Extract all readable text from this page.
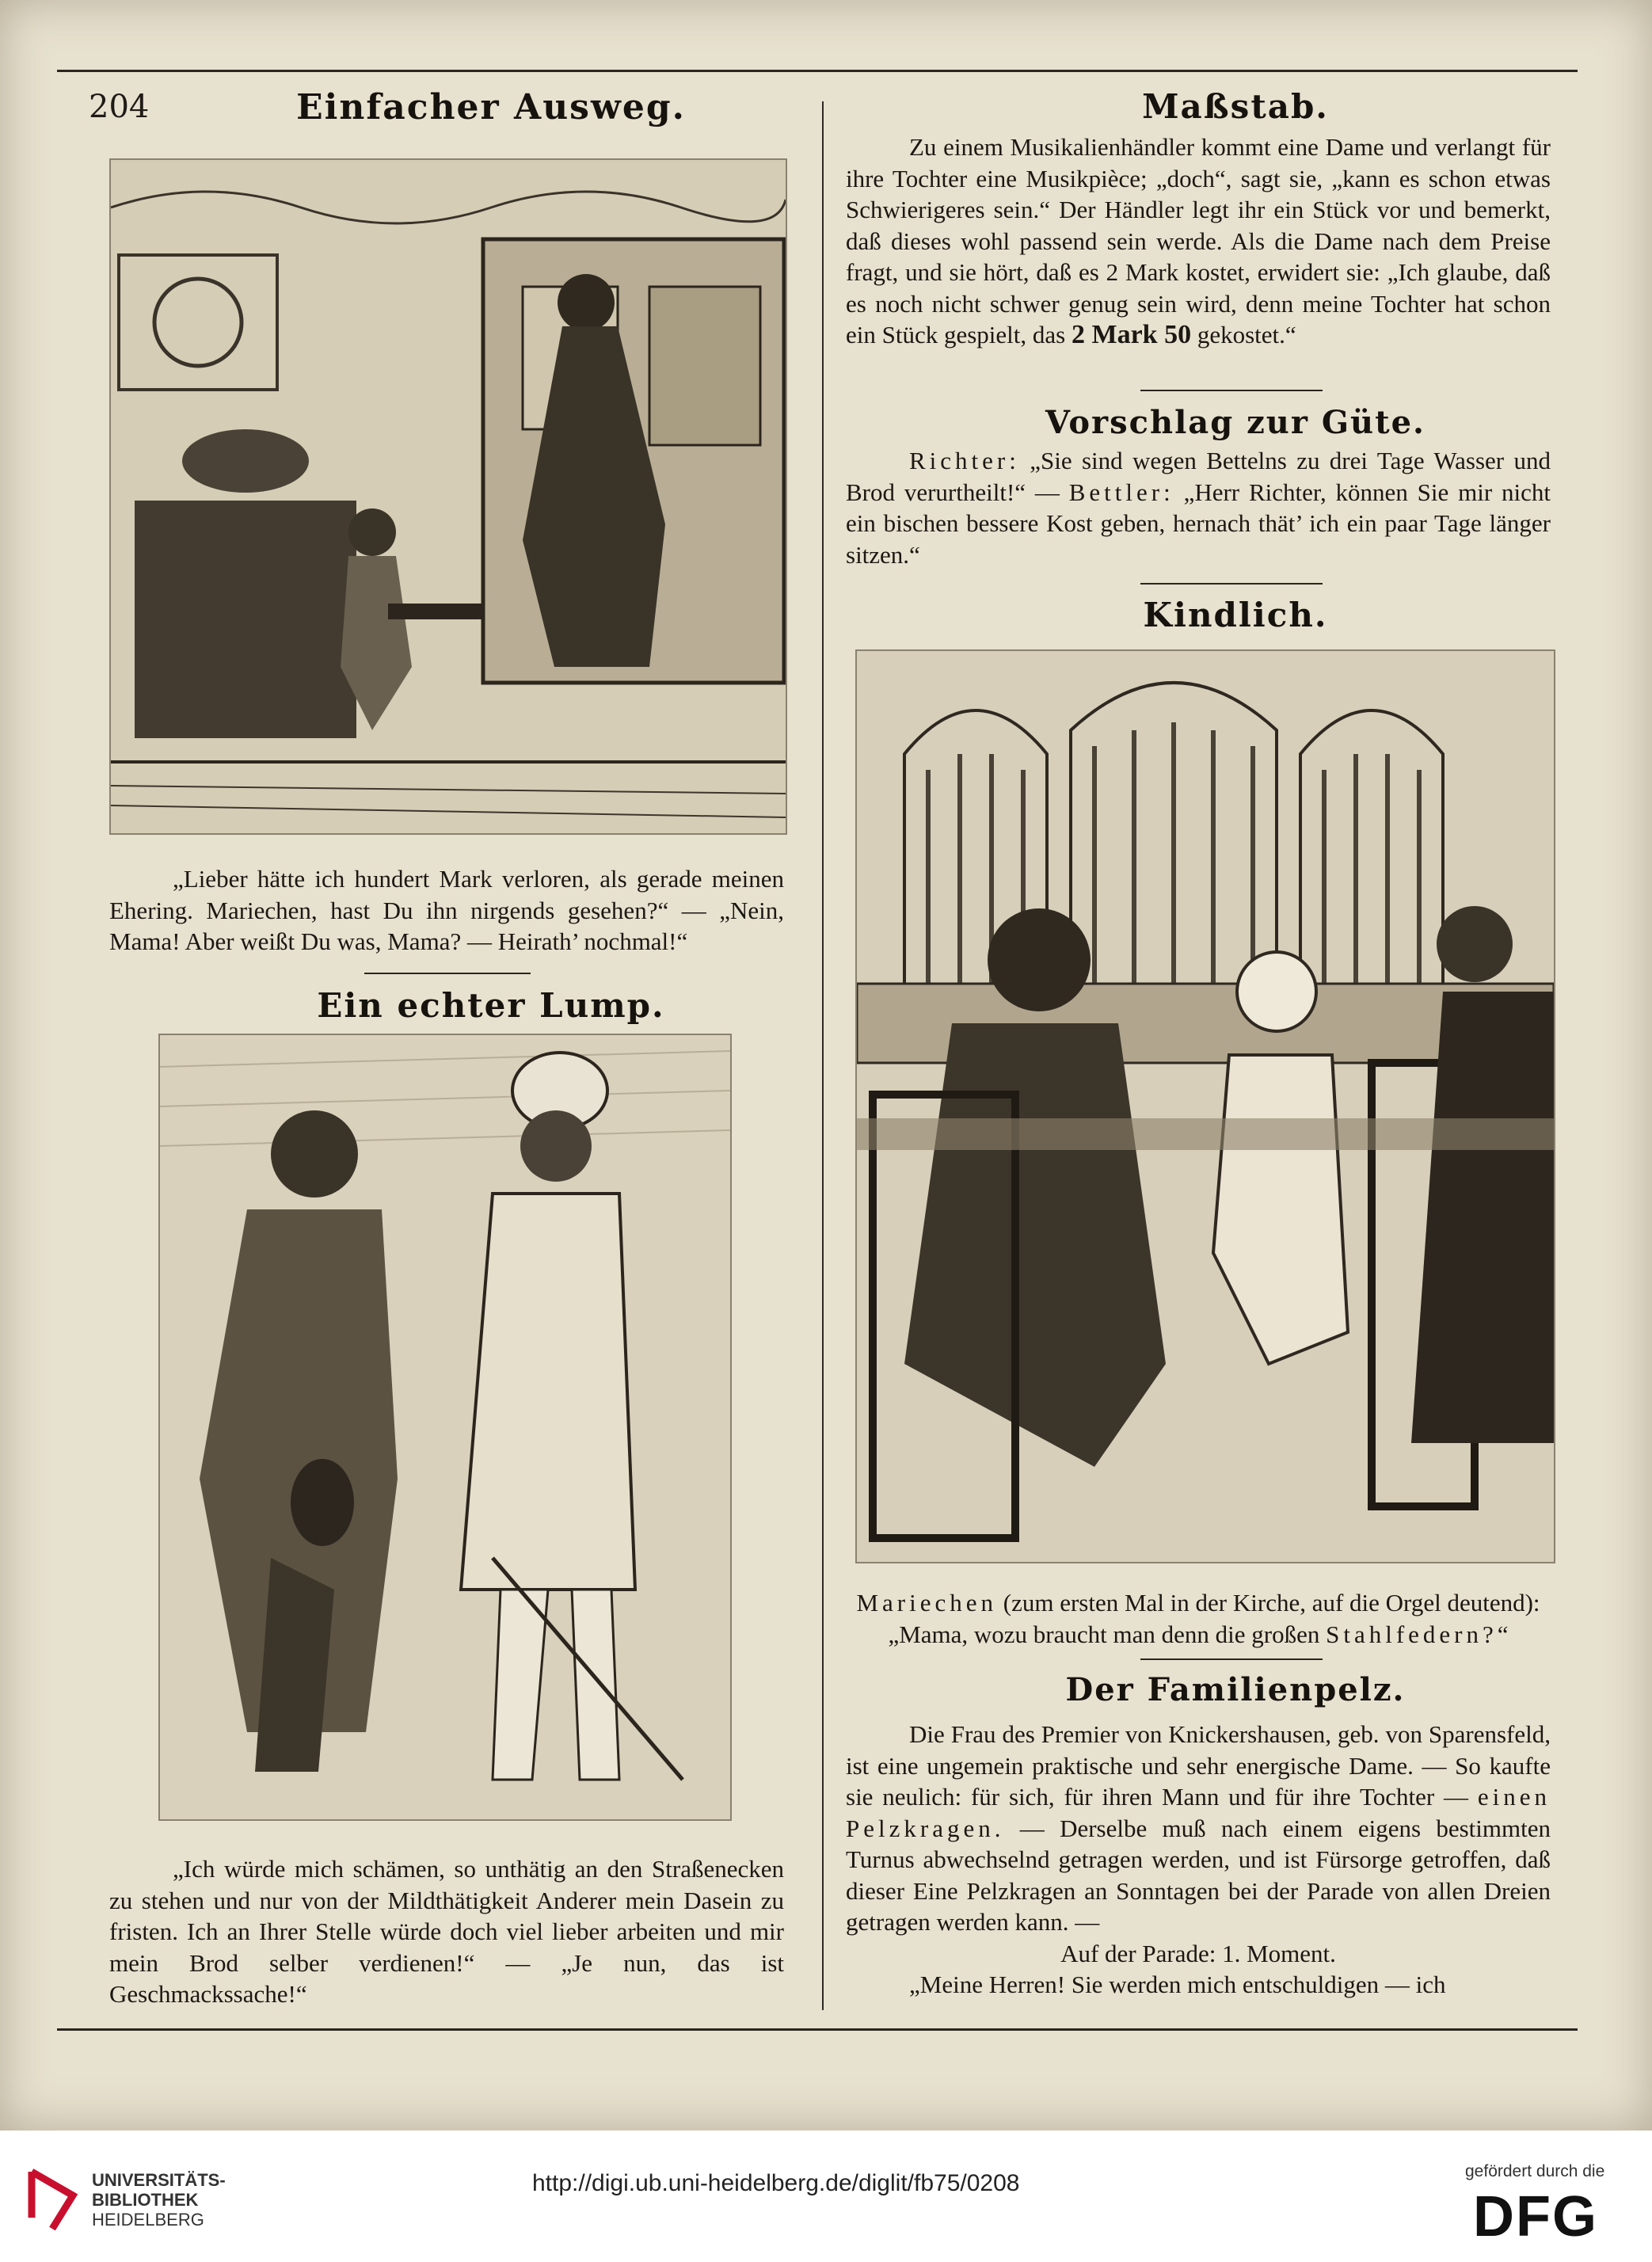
204	Einfacher Ausweg.

„Lieber hätte ich hundert Mark verloren, als gerade meinen Ehering. Mariechen, hast Du ihn nirgends gesehen?“ — „Nein, Mama! Aber weißt Du was, Mama? — Heirath’ nochmal!“

Ein echter Lump.

„Ich würde mich schämen, so unthätig an den Straßenecken zu stehen und nur von der Mildthätigkeit Anderer mein Dasein zu fristen. Ich an Ihrer Stelle würde doch viel lieber arbeiten und mir mein Brod selber verdienen!“ — „Je nun, das ist Geschmackssache!“

Maßstab.

Zu einem Musikalienhändler kommt eine Dame und verlangt für ihre Tochter eine Musikpièce; „doch“, sagt sie, „kann es schon etwas Schwierigeres sein.“ Der Händler legt ihr ein Stück vor und bemerkt, daß dieses wohl passend sein werde. Als die Dame nach dem Preise fragt, und sie hört, daß es 2 Mark kostet, erwidert sie: „Ich glaube, daß es noch nicht schwer genug sein wird, denn meine Tochter hat schon ein Stück gespielt, das 2 Mark 50 gekostet.“

Vorschlag zur Güte.

Richter: „Sie sind wegen Bettelns zu drei Tage Wasser und Brod verurtheilt!“ — Bettler: „Herr Richter, können Sie mir nicht ein bischen bessere Kost geben, hernach thät’ ich ein paar Tage länger sitzen.“

Kindlich.

Mariechen (zum ersten Mal in der Kirche, auf die Orgel deutend):
„Mama, wozu braucht man denn die großen Stahlfedern?“

Der Familienpelz.

Die Frau des Premier von Knickershausen, geb. von Sparensfeld, ist eine ungemein praktische und sehr energische Dame. — So kaufte sie neulich: für sich, für ihren Mann und für ihre Tochter — einen Pelzkragen. — Derselbe muß nach einem eigens bestimmten Turnus abwechselnd getragen werden, und ist Fürsorge getroffen, daß dieser Eine Pelzkragen an Sonntagen bei der Parade von allen Dreien getragen werden kann. —

Auf der Parade: 1. Moment.

„Meine Herren! Sie werden mich entschuldigen — ich

UNIVERSITÄTS-
BIBLIOTHEK
HEIDELBERG
http://digi.ub.uni-heidelberg.de/diglit/fb75/0208	gefördert durch die
DFG
